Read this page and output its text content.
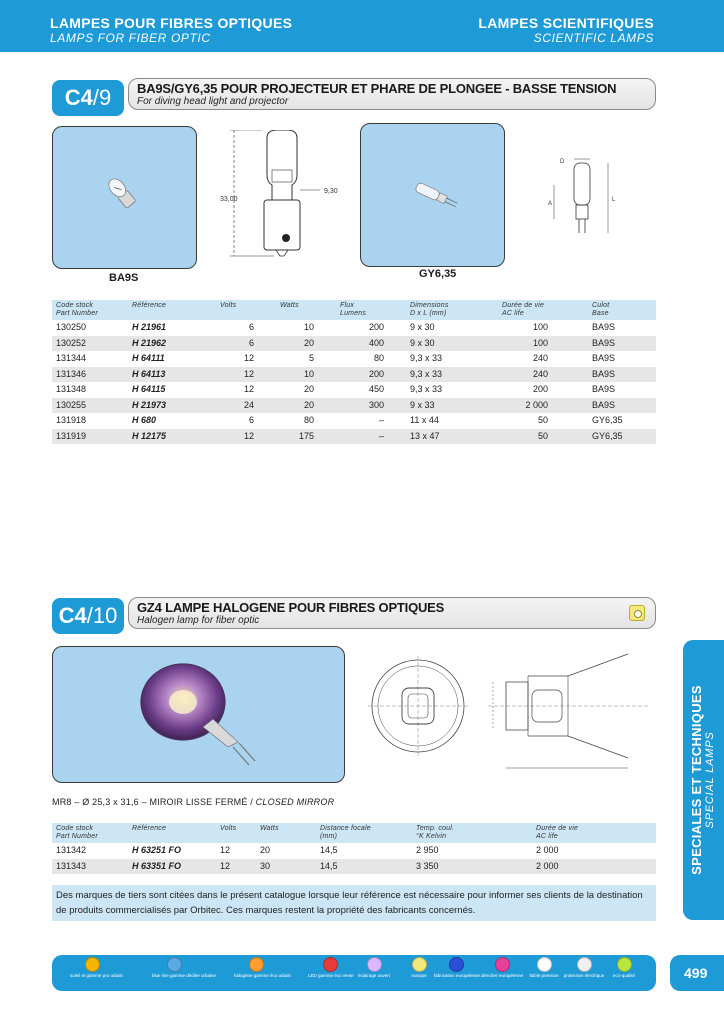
LAMPES POUR FIBRES OPTIQUES
LAMPS FOR FIBER OPTIC
LAMPES SCIENTIFIQUES
SCIENTIFIC LAMPS
C4 /9 BA9S/GY6,35 POUR PROJECTEUR ET PHARE DE PLONGEE - BASSE TENSION
For diving head light and projector
BA9S
33,00
9,30
GY6,35
D
A
L
Code stock
Part Number	Référence	Volts	Watts	Flux
Lumens	Dimensions
D x L (mm)	Durée de vie
AC life	Culot
Base
130250	H 21961	6	10	200	9 x 30	100	BA9S
130252	H 21962	6	20	400	9 x 30	100	BA9S
131344	H 64111	12	5	80	9,3 x 33	240	BA9S
131346	H 64113	12	10	200	9,3 x 33	240	BA9S
131348	H 64115	12	20	450	9,3 x 33	200	BA9S
130255	H 21973	24	20	300	9 x 33	2 000	BA9S
131918	H 680	6	80	–	11 x 44	50	GY6,35
131919	H 12175	12	175	–	13 x 47	50	GY6,35
C4 /10 GZ4 LAMPE HALOGENE POUR FIBRES OPTIQUES
Halogen lamp for fiber optic
MR8 – Ø 25,3 x 31,6 – MIROIR LISSE FERMÉ / CLOSED MIRROR
Code stock
Part Number	Référence	Volts	Watts	Distance focale
(mm)	Temp. coul.
°K Kelvin	Durée de vie
AC life
131342	H 63251 FO	12	20	14,5	2 950	2 000
131343	H 63351 FO	12	30	14,5	3 350	2 000
Des marques de tiers sont citées dans le présent catalogue lorsque leur référence est nécessaire pour informer ses clients de la destination de produits commercialisés par Orbitec. Ces marques restent la propriété des fabricants concernés.
SPECIALES ET TECHNIQUES SPECIAL LAMPS
soleil et gamme pro urbain	blue line gamme dédiée urbaine	halogène gamme éco urbain	LED gamme éco vente éclairage ouvert	marque	fabrication européenne directive européenne	faible pression	protection électrique	eco-qualité	499
